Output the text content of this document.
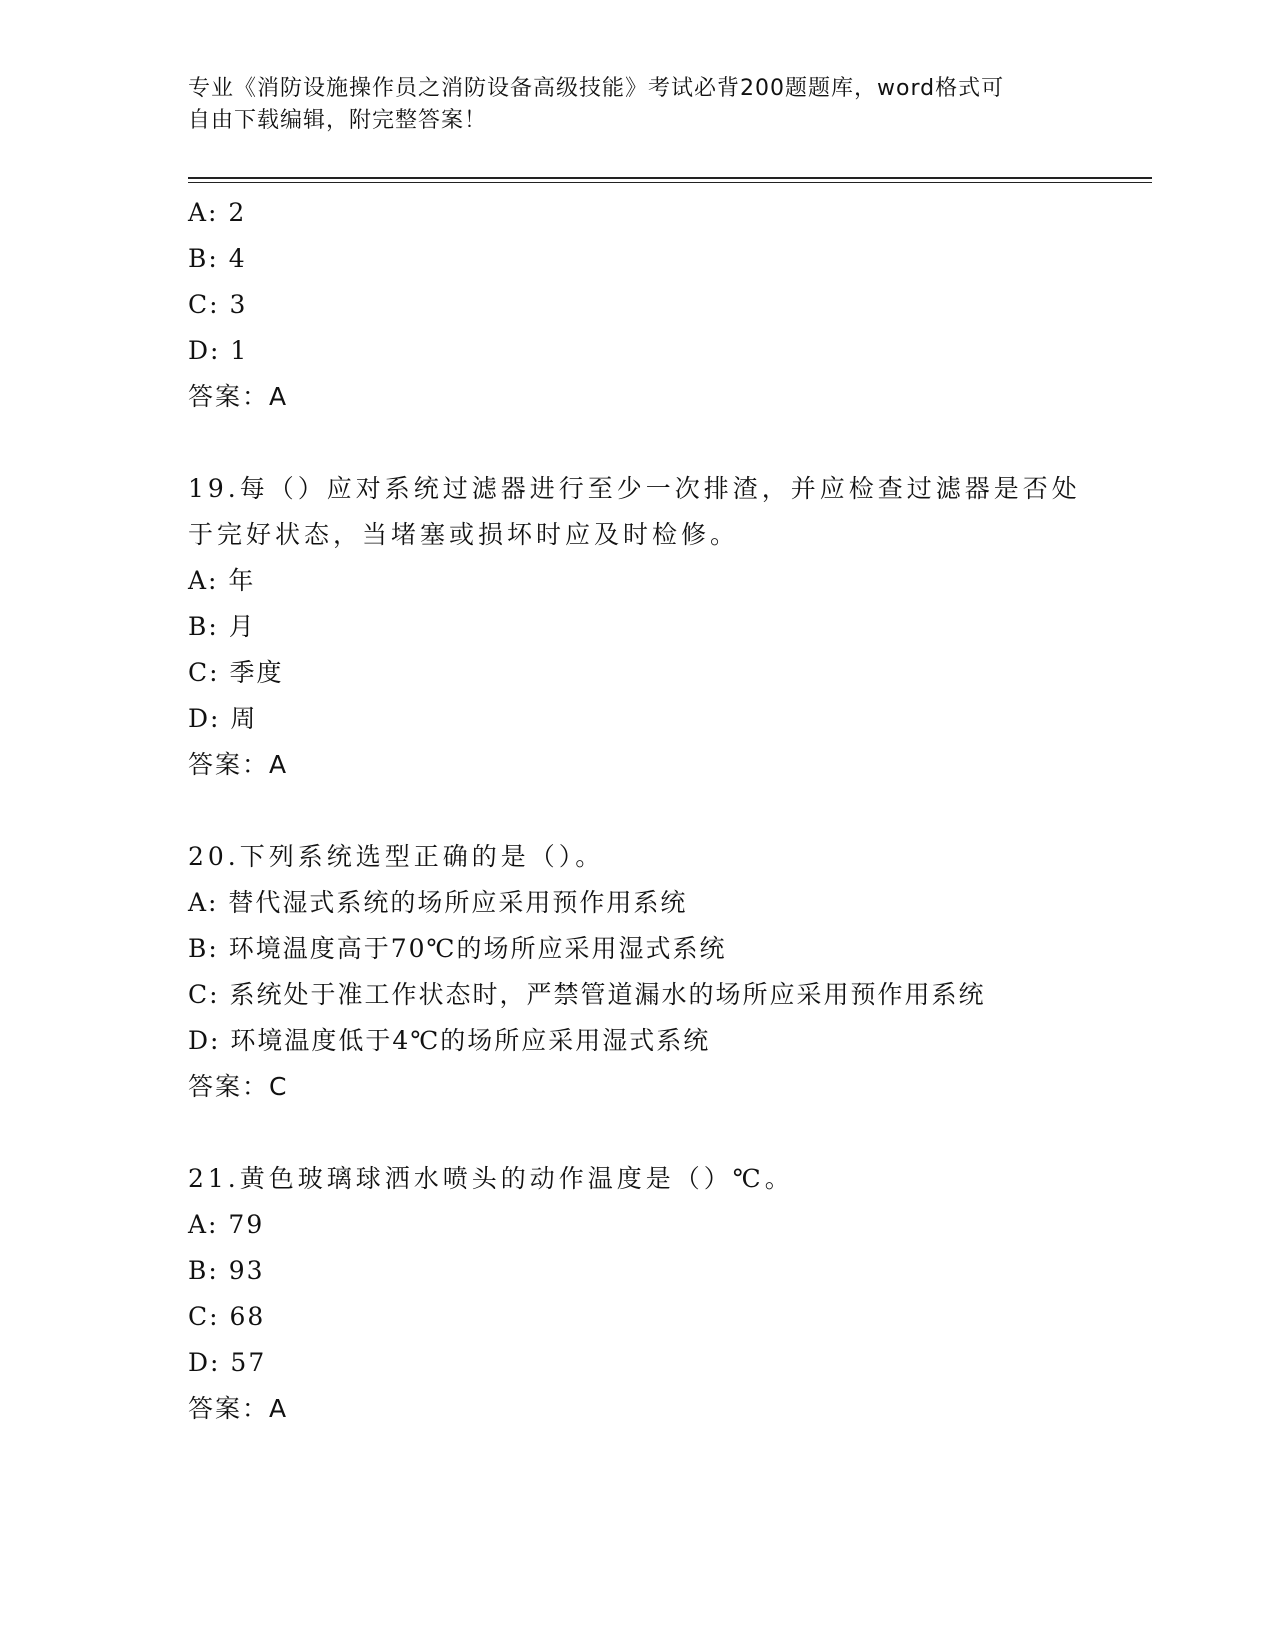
专业《消防设施操作员之消防设备高级技能》考试必背200题题库，word格式可
自由下载编辑，附完整答案！
A: 2
B: 4
C: 3
D: 1
答案：A
19.每（）应对系统过滤器进行至少一次排渣，并应检查过滤器是否处
于完好状态，当堵塞或损坏时应及时检修。
A: 年
B: 月
C: 季度
D: 周
答案：A
20.下列系统选型正确的是（）。
A: 替代湿式系统的场所应采用预作用系统
B: 环境温度高于70℃的场所应采用湿式系统
C: 系统处于准工作状态时，严禁管道漏水的场所应采用预作用系统
D: 环境温度低于4℃的场所应采用湿式系统
答案：C
21.黄色玻璃球洒水喷头的动作温度是（）℃。
A: 79
B: 93
C: 68
D: 57
答案：A
